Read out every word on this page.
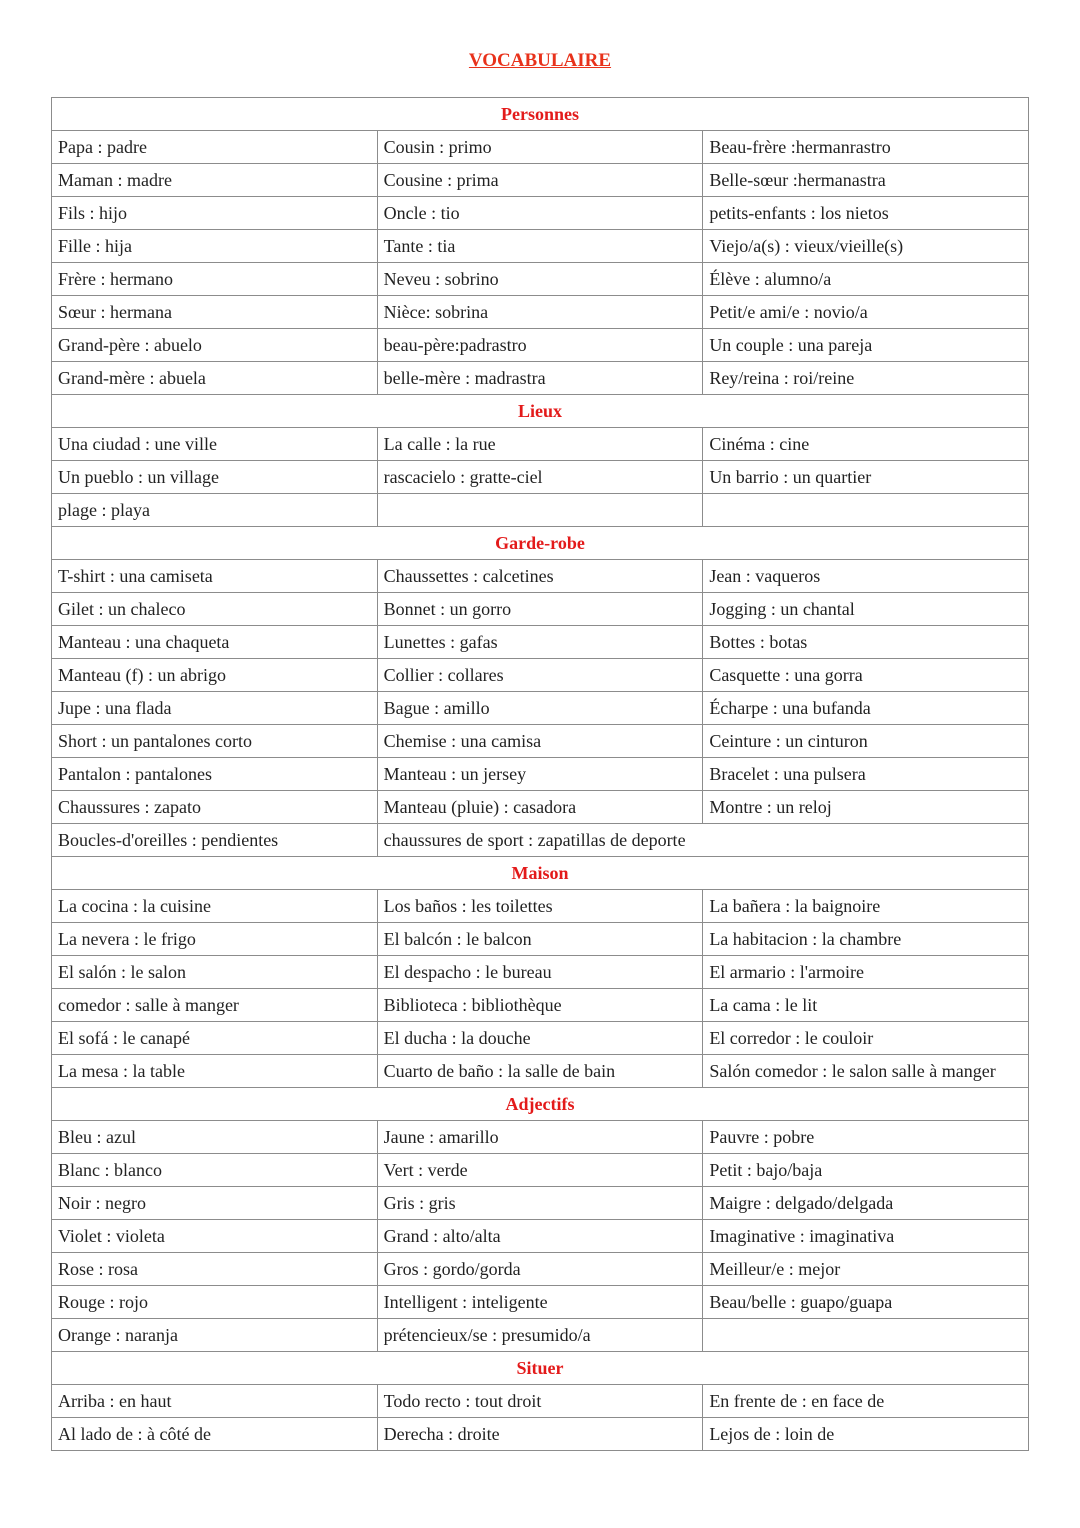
VOCABULAIRE
Personnes		
Papa : padre	Cousin : primo	Beau-frère :hermanrastro
Maman : madre	Cousine : prima	Belle-sœur :hermanastra
Fils : hijo	Oncle : tio	petits-enfants : los nietos
Fille : hija	Tante : tia	Viejo/a(s) : vieux/vieille(s)
Frère : hermano	Neveu : sobrino	Élève : alumno/a
Sœur : hermana	Nièce: sobrina	Petit/e ami/e : novio/a
Grand-père : abuelo	beau-père:padrastro	Un couple : una pareja
Grand-mère : abuela	belle-mère : madrastra	Rey/reina : roi/reine
Lieux		
Una ciudad : une ville	La calle : la rue	Cinéma : cine
Un pueblo : un village	rascacielo : gratte-ciel	Un barrio : un quartier
plage : playa		
Garde-robe		
T-shirt : una camiseta	Chaussettes : calcetines	Jean : vaqueros
Gilet : un chaleco	Bonnet : un gorro	Jogging : un chantal
Manteau : una chaqueta	Lunettes : gafas	Bottes : botas
Manteau (f) : un abrigo	Collier : collares	Casquette : una gorra
Jupe : una flada	Bague : amillo	Écharpe : una bufanda
Short : un pantalones corto	Chemise : una camisa	Ceinture : un cinturon
Pantalon : pantalones	Manteau : un jersey	Bracelet : una pulsera
Chaussures : zapato	Manteau (pluie) : casadora	Montre : un reloj
Boucles-d'oreilles : pendientes	chaussures de sport : zapatillas de deporte	
Maison		
La cocina : la cuisine	Los baños : les toilettes	La bañera : la baignoire
La nevera : le frigo	El balcón : le balcon	La habitacion : la chambre
El salón : le salon	El despacho : le bureau	El armario : l'armoire
comedor : salle à manger	Biblioteca : bibliothèque	La cama : le lit
El sofá : le canapé	El ducha : la douche	El corredor : le couloir
La mesa : la table	Cuarto de baño : la salle de bain	Salón comedor : le salon salle à manger
Adjectifs		
Bleu : azul	Jaune : amarillo	Pauvre : pobre
Blanc : blanco	Vert : verde	Petit : bajo/baja
Noir : negro	Gris : gris	Maigre : delgado/delgada
Violet : violeta	Grand : alto/alta	Imaginative : imaginativa
Rose : rosa	Gros : gordo/gorda	Meilleur/e : mejor
Rouge : rojo	Intelligent : inteligente	Beau/belle : guapo/guapa
Orange : naranja	prétencieux/se : presumido/a	
Situer		
Arriba : en haut	Todo recto : tout droit	En frente de : en face de
Al lado de : à côté de	Derecha : droite	Lejos de : loin de
